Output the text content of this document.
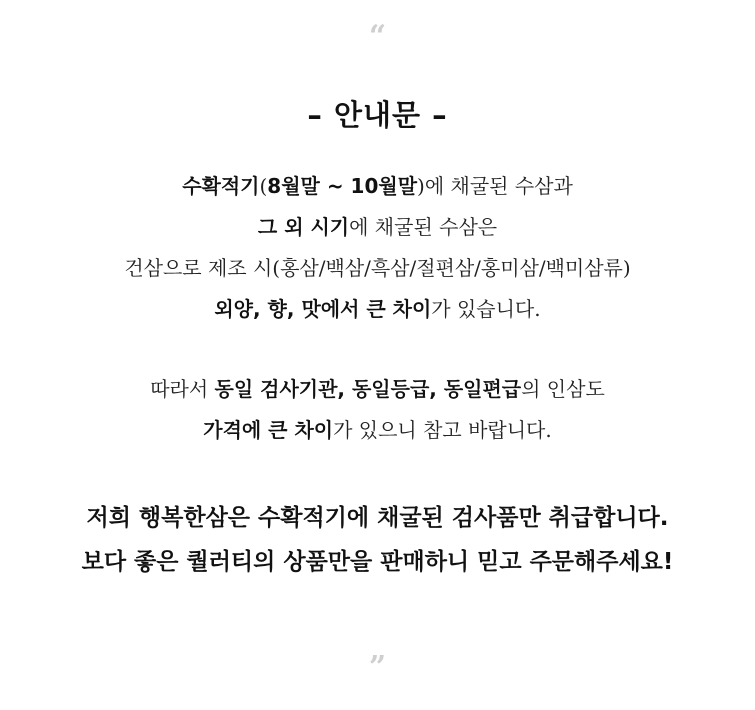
“
– 안내문 –
수확적기(8월말 ~ 10월말)에 채굴된 수삼과
그 외 시기에 채굴된 수삼은
건삼으로 제조 시(홍삼/백삼/흑삼/절편삼/홍미삼/백미삼류)
외양, 향, 맛에서 큰 차이가 있습니다.
따라서 동일 검사기관, 동일등급, 동일편급의 인삼도
가격에 큰 차이가 있으니 참고 바랍니다.
저희 행복한삼은 수확적기에 채굴된 검사품만 취급합니다.
보다 좋은 퀄러티의 상품만을 판매하니 믿고 주문해주세요!
”
